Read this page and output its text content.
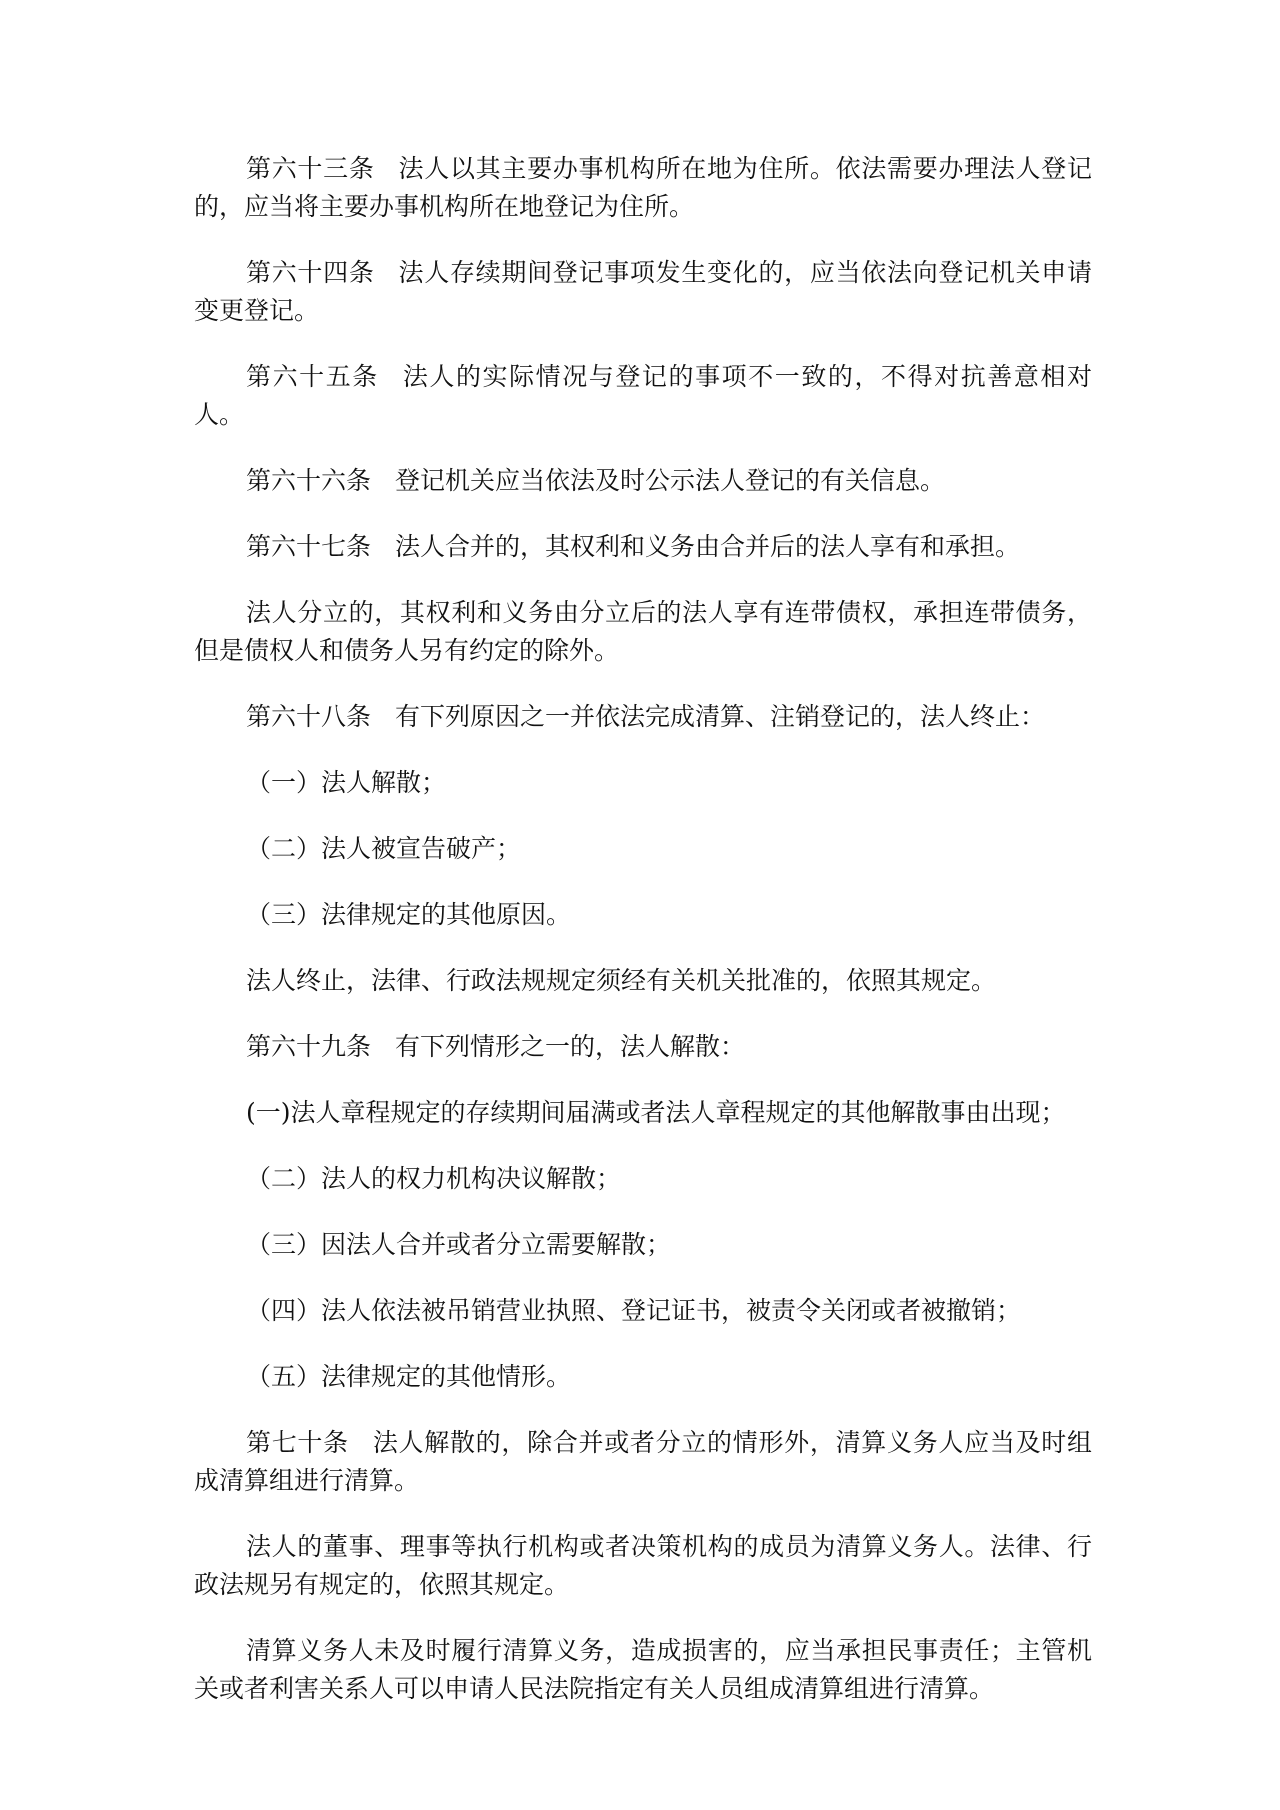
第六十三条 法人以其主要办事机构所在地为住所。依法需要办理法人登记的，应当将主要办事机构所在地登记为住所。

第六十四条 法人存续期间登记事项发生变化的，应当依法向登记机关申请变更登记。

第六十五条 法人的实际情况与登记的事项不一致的，不得对抗善意相对人。

第六十六条 登记机关应当依法及时公示法人登记的有关信息。

第六十七条 法人合并的，其权利和义务由合并后的法人享有和承担。

法人分立的，其权利和义务由分立后的法人享有连带债权，承担连带债务，但是债权人和债务人另有约定的除外。

第六十八条 有下列原因之一并依法完成清算、注销登记的，法人终止：

（一）法人解散；

（二）法人被宣告破产；

（三）法律规定的其他原因。

法人终止，法律、行政法规规定须经有关机关批准的，依照其规定。

第六十九条 有下列情形之一的，法人解散：

(一)法人章程规定的存续期间届满或者法人章程规定的其他解散事由出现；

（二）法人的权力机构决议解散；

（三）因法人合并或者分立需要解散；

（四）法人依法被吊销营业执照、登记证书，被责令关闭或者被撤销；

（五）法律规定的其他情形。

第七十条 法人解散的，除合并或者分立的情形外，清算义务人应当及时组成清算组进行清算。

法人的董事、理事等执行机构或者决策机构的成员为清算义务人。法律、行政法规另有规定的，依照其规定。

清算义务人未及时履行清算义务，造成损害的，应当承担民事责任；主管机关或者利害关系人可以申请人民法院指定有关人员组成清算组进行清算。
